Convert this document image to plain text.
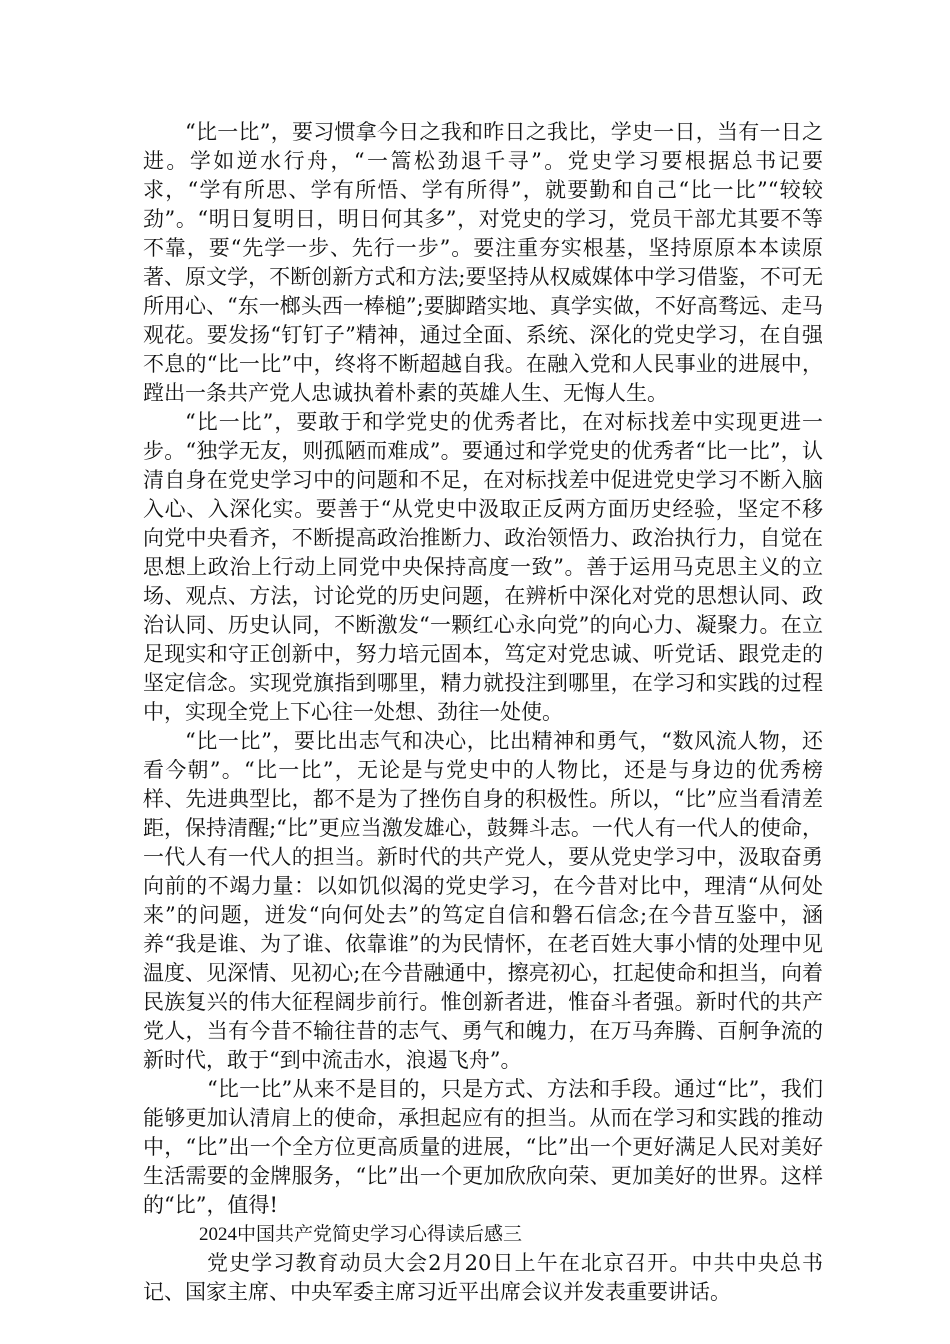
“比一比”，要习惯拿今日之我和昨日之我比，学史一日，当有一日之进。学如逆水行舟，“一篙松劲退千寻”。党史学习要根据总书记要求，“学有所思、学有所悟、学有所得”，就要勤和自己“比一比”“较较劲”。“明日复明日，明日何其多”，对党史的学习，党员干部尤其要不等不靠，要“先学一步、先行一步”。要注重夯实根基，坚持原原本本读原著、原文学，不断创新方式和方法;要坚持从权威媒体中学习借鉴，不可无所用心、“东一榔头西一棒槌”;要脚踏实地、真学实做，不好高骛远、走马观花。要发扬“钉钉子”精神，通过全面、系统、深化的党史学习，在自强不息的“比一比”中，终将不断超越自我。在融入党和人民事业的进展中，蹚出一条共产党人忠诚执着朴素的英雄人生、无悔人生。

“比一比”，要敢于和学党史的优秀者比，在对标找差中实现更进一步。“独学无友，则孤陋而难成”。要通过和学党史的优秀者“比一比”，认清自身在党史学习中的问题和不足，在对标找差中促进党史学习不断入脑入心、入深化实。要善于“从党史中汲取正反两方面历史经验，坚定不移向党中央看齐，不断提高政治推断力、政治领悟力、政治执行力，自觉在思想上政治上行动上同党中央保持高度一致”。善于运用马克思主义的立场、观点、方法，讨论党的历史问题，在辨析中深化对党的思想认同、政治认同、历史认同，不断激发“一颗红心永向党”的向心力、凝聚力。在立足现实和守正创新中，努力培元固本，笃定对党忠诚、听党话、跟党走的坚定信念。实现党旗指到哪里，精力就投注到哪里，在学习和实践的过程中，实现全党上下心往一处想、劲往一处使。

“比一比”，要比出志气和决心，比出精神和勇气，“数风流人物，还看今朝”。“比一比”，无论是与党史中的人物比，还是与身边的优秀榜样、先进典型比，都不是为了挫伤自身的积极性。所以，“比”应当看清差距，保持清醒;“比”更应当激发雄心，鼓舞斗志。一代人有一代人的使命，一代人有一代人的担当。新时代的共产党人，要从党史学习中，汲取奋勇向前的不竭力量：以如饥似渴的党史学习，在今昔对比中，理清“从何处来”的问题，迸发“向何处去”的笃定自信和磐石信念;在今昔互鉴中，涵养“我是谁、为了谁、依靠谁”的为民情怀，在老百姓大事小情的处理中见温度、见深情、见初心;在今昔融通中，擦亮初心，扛起使命和担当，向着民族复兴的伟大征程阔步前行。惟创新者进，惟奋斗者强。新时代的共产党人，当有今昔不输往昔的志气、勇气和魄力，在万马奔腾、百舸争流的新时代，敢于“到中流击水，浪遏飞舟”。

“比一比”从来不是目的，只是方式、方法和手段。通过“比”，我们能够更加认清肩上的使命，承担起应有的担当。从而在学习和实践的推动中，“比”出一个全方位更高质量的进展，“比”出一个更好满足人民对美好生活需要的金牌服务，“比”出一个更加欣欣向荣、更加美好的世界。这样的“比”，值得!

2024中国共产党简史学习心得读后感三

党史学习教育动员大会2月20日上午在北京召开。中共中央总书记、国家主席、中央军委主席习近平出席会议并发表重要讲话。
